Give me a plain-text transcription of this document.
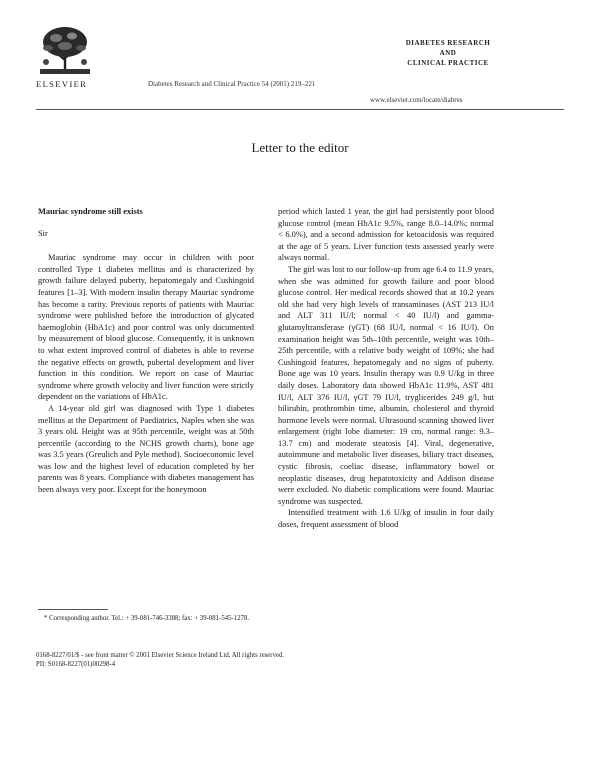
ELSEVIER	Diabetes Research and Clinical Practice 54 (2001) 219–221
DIABETES RESEARCH
AND
CLINICAL PRACTICE
www.elsevier.com/locate/diabres
Letter to the editor

Mauriac syndrome still exists

Sir

Mauriac syndrome may occur in children with poor controlled Type 1 diabetes mellitus and is characterized by growth failure delayed puberty, hepatomegaly and Cushingoid features [1–3]. With modern insulin therapy Mauriac syndrome has become a rarity. Previous reports of patients with Mauriac syndrome were published before the introduction of glycated haemoglobin (HbA1c) and poor control was only documented by measurement of blood glucose. Consequently, it is unknown to what extent improved control of diabetes is able to reverse the negative effects on growth, pubertal development and liver function in this condition. We report on case of Mauriac syndrome where growth velocity and liver function were strictly dependent on the variations of HbA1c.

A 14-year old girl was diagnosed with Type 1 diabetes mellitus at the Department of Paediatrics, Naples when she was 3 years old. Height was at 95th percentile, weight was at 50th percentile (according to the NCHS growth charts), bone age was 3.5 years (Greulich and Pyle method). Socioeconomic level was low and the highest level of education completed by her parents was 8 years. Compliance with diabetes management has been always very poor. Except for the honeymoon

period which lasted 1 year, the girl had persistently poor blood glucose control (mean HbA1c 9.5%, range 8.0–14.0%; normal < 6.0%), and a second admission for ketoacidosis was required at the age of 5 years. Liver function tests assessed yearly were always normal.

The girl was lost to our follow-up from age 6.4 to 11.9 years, when she was admitted for growth failure and poor blood glucose control. Her medical records showed that at 10.2 years old she had very high levels of transaminases (AST 213 IU/l and ALT 311 IU/l; normal < 40 IU/l) and gamma-glutamyltransferase (γGT) (68 IU/l, normal < 16 IU/l). On examination height was 5th–10th percentile, weight was 10th–25th percentile, with a relative body weight of 109%; she had Cushingoid features, hepatomegaly and no signs of puberty. Bone age was 10 years. Insulin therapy was 0.9 U/kg in three daily doses. Laboratory data showed HbA1c 11.9%, AST 481 IU/l, ALT 376 IU/l, γGT 79 IU/l, tryglicerides 249 g/l, but bilirubin, prothrombin time, albumin, cholesterol and thyroid hormone levels were normal. Ultrasound scanning showed liver enlargement (right lobe diameter: 19 cm, normal range: 9.3–13.7 cm) and moderate steatosis [4]. Viral, degenerative, autoimmune and metabolic liver diseases, biliary tract diseases, cystic fibrosis, coeliac disease, inflammatory bowel or neoplastic diseases, drug hepatotoxicity and Addison disease were excluded. No diabetic complications were found. Mauriac syndrome was suspected.

Intensified treatment with 1.6 U/kg of insulin in four daily doses, frequent assessment of blood

* Corresponding author. Tel.: + 39-081-746-3388; fax: + 39-081-545-1278.
0168-8227/01/$ - see front matter © 2001 Elsevier Science Ireland Ltd. All rights reserved.
PII: S0168-8227(01)00298-4
